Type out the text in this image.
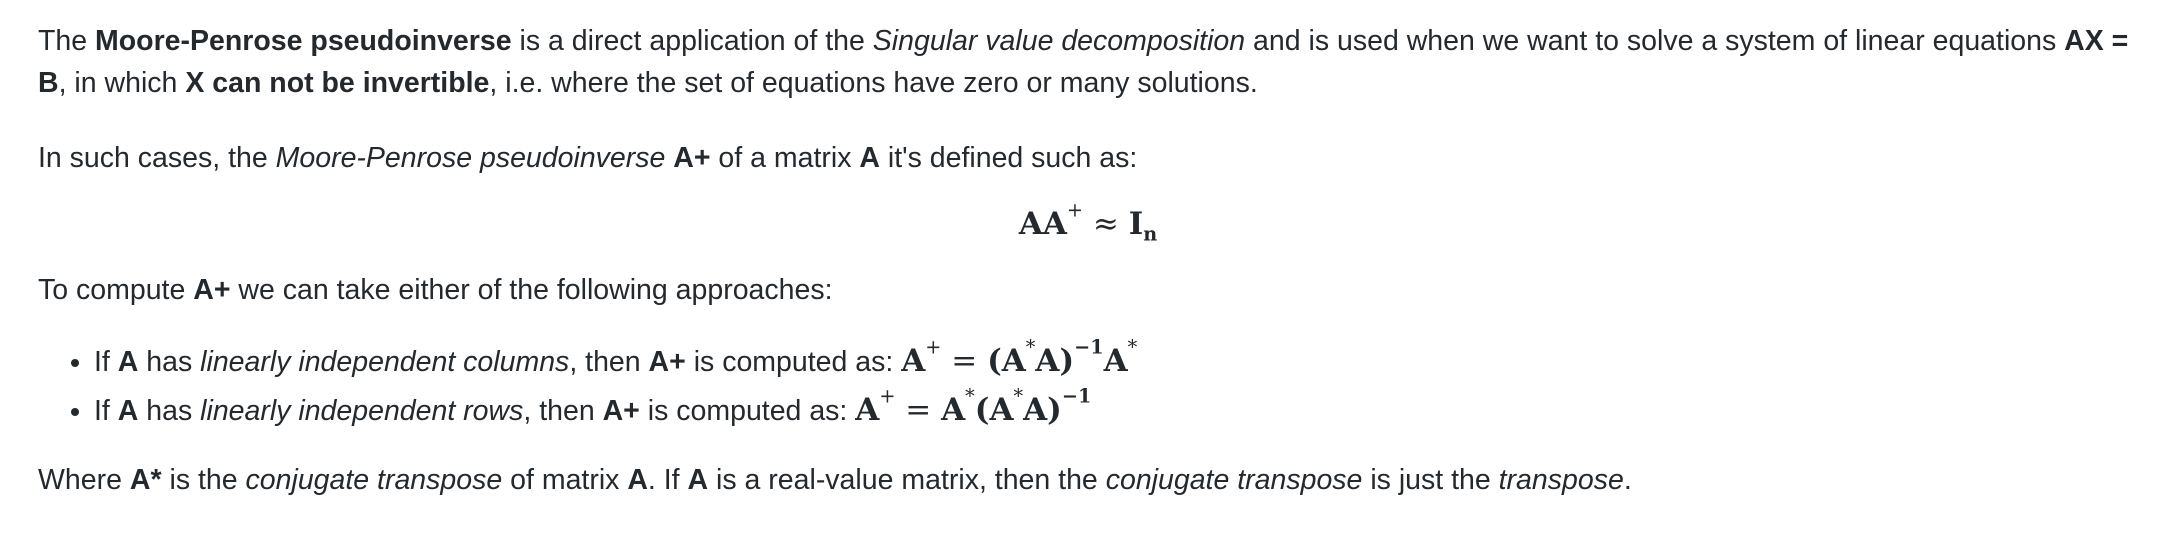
The Moore-Penrose pseudoinverse is a direct application of the Singular value decomposition and is used when we want to solve a system of linear equations AX = B, in which X can not be invertible, i.e. where the set of equations have zero or many solutions.

In such cases, the Moore-Penrose pseudoinverse A+ of a matrix A it's defined such as:

$AA^+ \approx I_n$

To compute A+ we can take either of the following approaches:

• If A has linearly independent columns, then A+ is computed as: $A^+ = (A^*A)^{-1}A^*$
• If A has linearly independent rows, then A+ is computed as: $A^+ = A^*(A^*A)^{-1}$

Where A* is the conjugate transpose of matrix A. If A is a real-value matrix, then the conjugate transpose is just the transpose.
